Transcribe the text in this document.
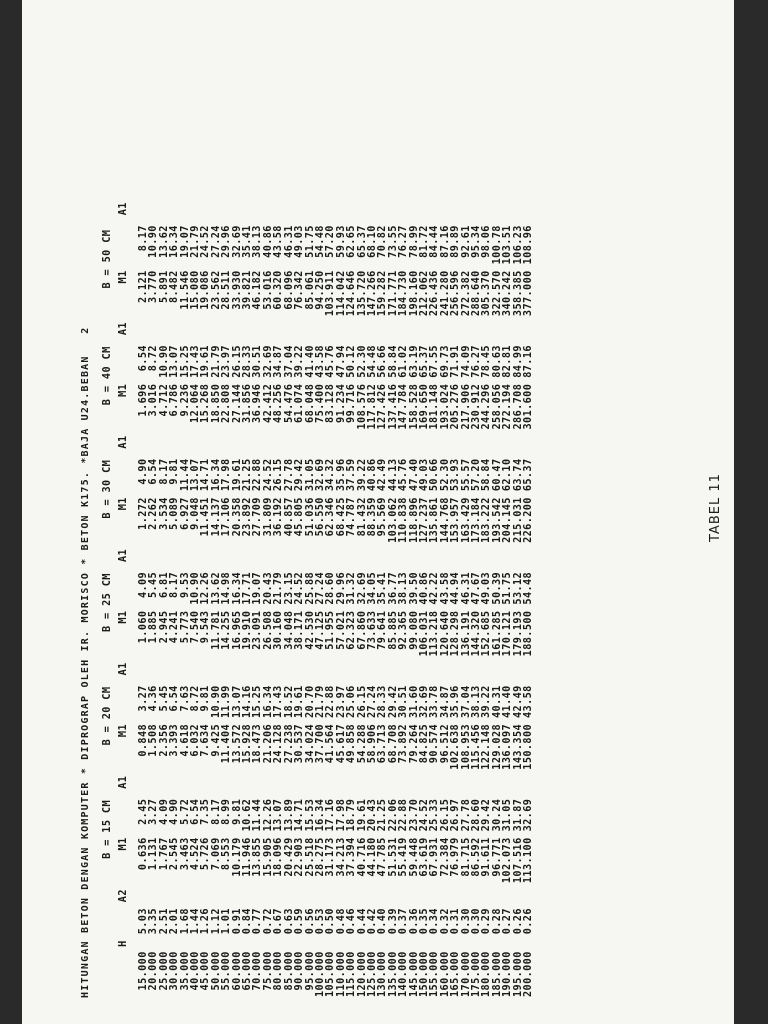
HITUNGAN BETON DENGAN KOMPUTER * DIPROGRAP OLEH IR. MORISCO * BETON K175. *BAJA U24.BEBAN   2
		B = 15 CM		B = 20 CM		B = 25 CM		B = 30 CM		B = 40 CM		B = 50 CM	
H	A2	M1	A1	M1	A1	M1	A1	M1	A1	M1	A1	M1	A1
15.000	5.03	0.636	2.45	0.848	3.27	1.060	4.09	1.272	4.90	1.696	6.54	2.121	8.17
20.000	3.35	1.131	3.27	1.508	4.36	1.885	5.45	2.262	6.54	3.016	8.72	3.770	10.90
25.000	2.51	1.767	4.09	2.356	5.45	2.945	6.81	3.534	8.17	4.712	10.90	5.891	13.62
30.000	2.01	2.545	4.90	3.393	6.54	4.241	8.17	5.089	9.81	6.786	13.07	8.482	16.34
35.000	1.68	3.463	5.72	4.618	7.63	5.773	9.53	6.927	11.44	9.236	15.25	11.546	19.07
40.000	1.44	4.524	6.54	6.032	8.72	7.540	10.90	9.048	13.07	12.064	17.43	15.080	21.79
45.000	1.26	5.726	7.35	7.634	9.81	9.543	12.26	11.451	14.71	15.268	19.61	19.086	24.52
50.000	1.12	7.069	8.17	9.425	10.90	11.781	13.62	14.137	16.34	18.850	21.79	23.562	27.24
55.000	1.01	8.553	8.99	11.404	11.99	14.255	14.98	17.106	17.98	22.808	23.97	28.511	29.96
60.000	0.91	10.179	9.81	13.572	13.07	16.965	16.34	20.358	19.61	27.144	26.15	33.930	32.69
65.000	0.84	11.946	10.62	15.928	14.16	19.910	17.71	23.892	21.25	31.856	28.33	39.821	35.41
70.000	0.77	13.855	11.44	18.473	15.25	23.091	19.07	27.709	22.88	36.946	30.51	46.182	38.13
75.000	0.72	15.905	12.26	21.206	16.34	26.508	20.43	31.809	24.52	42.412	32.69	53.016	40.86
80.000	0.67	18.096	13.07	24.128	17.43	30.160	21.79	36.192	26.15	48.256	34.87	60.320	43.58
85.000	0.63	20.429	13.89	27.238	18.52	34.048	23.15	40.857	27.78	54.476	37.04	68.096	46.31
90.000	0.59	22.903	14.71	30.537	19.61	38.171	24.52	45.805	29.42	61.074	39.22	76.342	49.03
95.000	0.56	25.518	15.53	34.024	20.70	42.530	25.88	51.036	31.05	68.048	41.40	85.061	51.75
100.000	0.53	28.275	16.34	37.700	21.79	47.125	27.24	56.550	32.69	75.400	43.58	94.250	54.48
105.000	0.50	31.173	17.16	41.564	22.88	51.955	28.60	62.346	34.32	83.128	45.76	103.911	57.20
110.000	0.48	34.213	17.98	45.617	23.97	57.021	29.96	68.425	35.96	91.234	47.94	114.042	59.93
115.000	0.46	37.394	18.79	49.858	25.06	62.323	31.32	74.787	37.59	99.716	50.12	124.646	62.65
120.000	0.44	40.716	19.61	54.288	26.15	67.860	32.69	81.432	39.22	108.576	52.30	135.720	65.37
125.000	0.42	44.180	20.43	58.906	27.24	73.633	34.05	88.359	40.86	117.812	54.48	147.266	68.10
130.000	0.40	47.785	21.25	63.713	28.33	79.641	35.41	95.569	42.49	127.426	56.66	159.282	70.82
135.000	0.39	51.531	22.06	68.708	29.42	85.885	36.77	103.062	44.13	137.416	58.84	171.771	73.55
140.000	0.37	55.419	22.88	73.892	30.51	92.365	38.13	110.838	45.76	147.784	61.02	184.730	76.27
145.000	0.36	59.448	23.70	79.264	31.60	99.080	39.50	118.896	47.40	158.528	63.19	198.160	78.99
150.000	0.35	63.619	24.52	84.825	32.69	106.031	40.86	127.237	49.03	169.650	65.37	212.062	81.72
155.000	0.34	67.931	25.33	90.574	33.78	113.218	42.22	135.861	50.66	181.148	67.55	226.436	84.44
160.000	0.32	72.384	26.15	96.512	34.87	120.640	43.58	144.768	52.30	193.024	69.73	241.280	87.16
165.000	0.31	76.979	26.97	102.638	35.96	128.298	44.94	153.957	53.93	205.276	71.91	256.596	89.89
170.000	0.30	81.715	27.78	108.953	37.04	136.191	46.31	163.429	55.57	217.906	74.09	272.382	92.61
175.000	0.30	86.592	28.60	115.456	38.13	144.320	47.67	173.184	57.20	230.912	76.27	288.640	95.34
180.000	0.29	91.611	29.42	122.148	39.22	152.685	49.03	183.222	58.84	244.296	78.45	305.370	98.06
185.000	0.28	96.771	30.24	129.028	40.31	161.285	50.39	193.542	60.47	258.056	80.63	322.570	100.78
190.000	0.27	102.073	31.05	136.097	41.40	170.121	51.75	204.145	62.10	272.194	82.81	340.242	103.51
195.000	0.26	107.516	31.87	143.354	42.49	179.193	53.12	215.031	63.74	286.708	84.99	358.385	106.23
200.000	0.26	113.100	32.69	150.800	43.58	188.500	54.48	226.200	65.37	301.600	87.16	377.000	108.96
TABEL 11
